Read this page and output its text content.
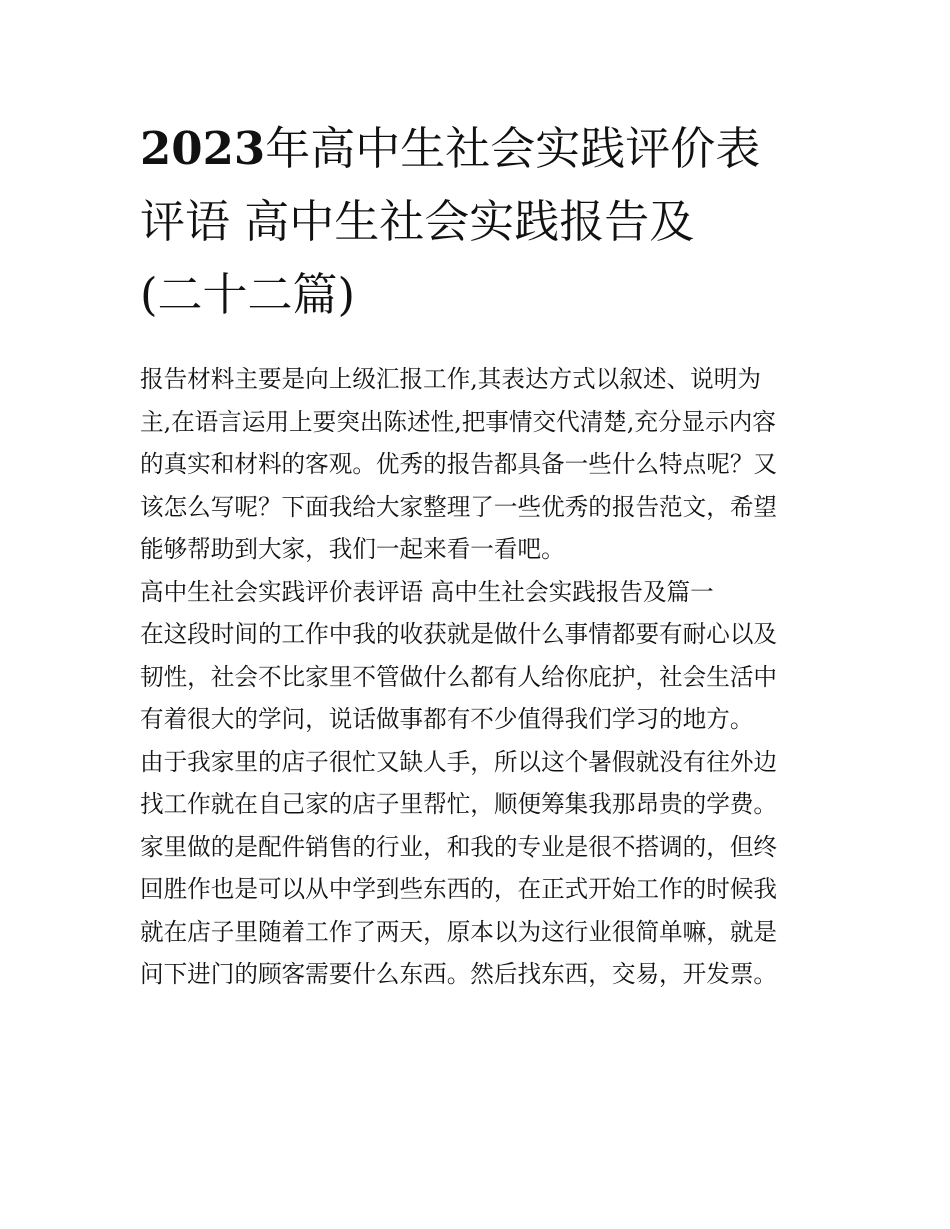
2023年高中生社会实践评价表
评语 高中生社会实践报告及
(二十二篇)
报告材料主要是向上级汇报工作,其表达方式以叙述、说明为
主,在语言运用上要突出陈述性,把事情交代清楚,充分显示内容
的真实和材料的客观。优秀的报告都具备一些什么特点呢？又
该怎么写呢？下面我给大家整理了一些优秀的报告范文，希望
能够帮助到大家，我们一起来看一看吧。
高中生社会实践评价表评语 高中生社会实践报告及篇一
在这段时间的工作中我的收获就是做什么事情都要有耐心以及
韧性，社会不比家里不管做什么都有人给你庇护，社会生活中
有着很大的学问，说话做事都有不少值得我们学习的地方。
由于我家里的店子很忙又缺人手，所以这个暑假就没有往外边
找工作就在自己家的店子里帮忙，顺便筹集我那昂贵的学费。
家里做的是配件销售的行业，和我的专业是很不搭调的，但终
回胜作也是可以从中学到些东西的，在正式开始工作的时候我
就在店子里随着工作了两天，原本以为这行业很简单嘛，就是
问下进门的顾客需要什么东西。然后找东西，交易，开发票。
